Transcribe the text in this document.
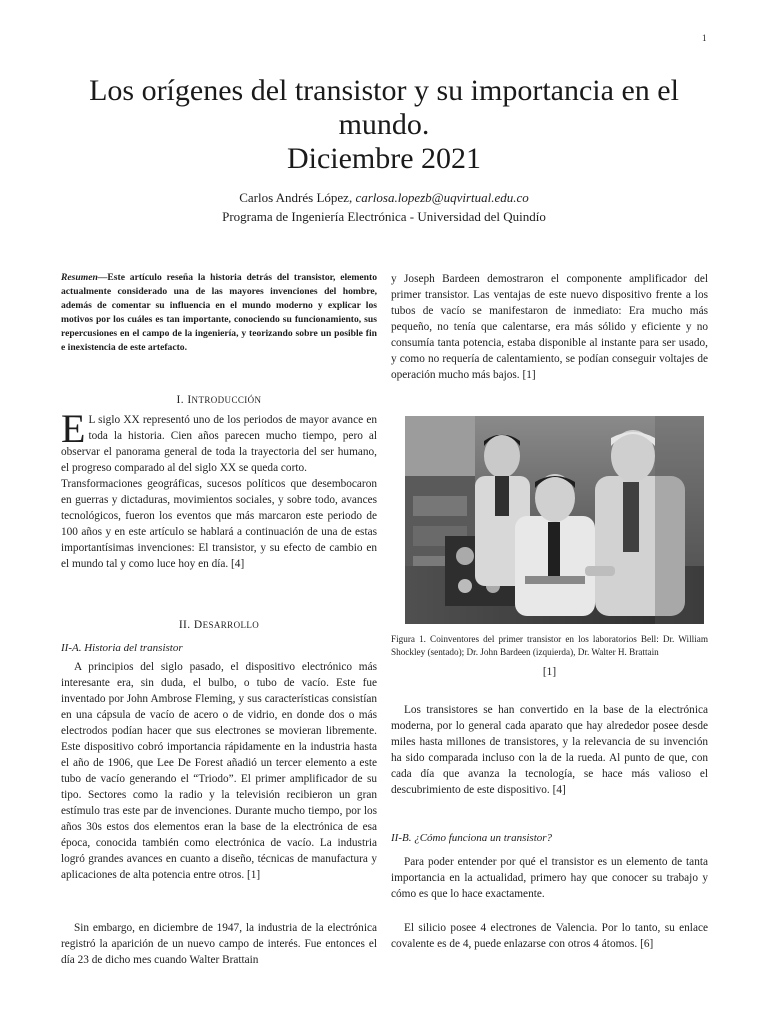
1
Los orígenes del transistor y su importancia en el
mundo.
Diciembre 2021
Carlos Andrés López, carlosa.lopezb@uqvirtual.edu.co
Programa de Ingeniería Electrónica - Universidad del Quindío
Resumen—Este artículo reseña la historia detrás del transistor, elemento actualmente considerado una de las mayores invenciones del hombre, además de comentar su influencia en el mundo moderno y explicar los motivos por los cuáles es tan importante, conociendo su funcionamiento, sus repercusiones en el campo de la ingeniería, y teorizando sobre un posible fin e inexistencia de este artefacto.
I. INTRODUCCIÓN

E L siglo XX representó uno de los periodos de mayor avance en toda la historia. Cien años parecen mucho tiempo, pero al observar el panorama general de toda la trayectoria del ser humano, el progreso comparado al del siglo XX se queda corto.

Transformaciones geográficas, sucesos políticos que desembocaron en guerras y dictaduras, movimientos sociales, y sobre todo, avances tecnológicos, fueron los eventos que más marcaron este periodo de 100 años y en este artículo se hablará a continuación de una de estas importantísimas invenciones: El transistor, y su efecto de cambio en el mundo tal y como luce hoy en día. [4]

II. DESARROLLO
II-A. Historia del transistor
A principios del siglo pasado, el dispositivo electrónico más interesante era, sin duda, el bulbo, o tubo de vacío. Este fue inventado por John Ambrose Fleming, y sus características consistían en una cápsula de vacío de acero o de vidrio, en donde dos o más electrodos podían hacer que sus electrones se movieran libremente. Este dispositivo cobró importancia rápidamente en la industria hasta el año de 1906, que Lee De Forest añadió un tercer elemento a este tubo de vacío generando el “Triodo”. El primer amplificador de su tipo. Sectores como la radio y la televisión recibieron un gran estímulo tras este par de invenciones. Durante mucho tiempo, por los años 30s estos dos elementos eran la base de la electrónica de esa época, conocida también como electrónica de vacío. La industria logró grandes avances en cuanto a diseño, técnicas de manufactura y aplicaciones de alta potencia entre otros. [1]
Sin embargo, en diciembre de 1947, la industria de la electrónica registró la aparición de un nuevo campo de interés. Fue entonces el día 23 de dicho mes cuando Walter Brattain
y Joseph Bardeen demostraron el componente amplificador del primer transistor. Las ventajas de este nuevo dispositivo frente a los tubos de vacío se manifestaron de inmediato: Era mucho más pequeño, no tenía que calentarse, era más sólido y eficiente y no consumía tanta potencia, estaba disponible al instante para ser usado, y como no requería de calentamiento, se podían conseguir voltajes de operación mucho más bajos. [1]
Figura 1. Coinventores del primer transistor en los laboratorios Bell: Dr. William Shockley (sentado); Dr. John Bardeen (izquierda), Dr. Walter H. Brattain
[1]
Los transistores se han convertido en la base de la electrónica moderna, por lo general cada aparato que hay alrededor posee desde miles hasta millones de transistores, y la relevancia de su invención ha sido comparada incluso con la de la rueda. Al punto de que, con cada día que avanza la tecnología, se hace más valioso el descubrimiento de este dispositivo. [4]
II-B. ¿Cómo funciona un transistor?
Para poder entender por qué el transistor es un elemento de tanta importancia en la actualidad, primero hay que conocer su trabajo y cómo es que lo hace exactamente.
El silicio posee 4 electrones de Valencia. Por lo tanto, su enlace covalente es de 4, puede enlazarse con otros 4 átomos. [6]
